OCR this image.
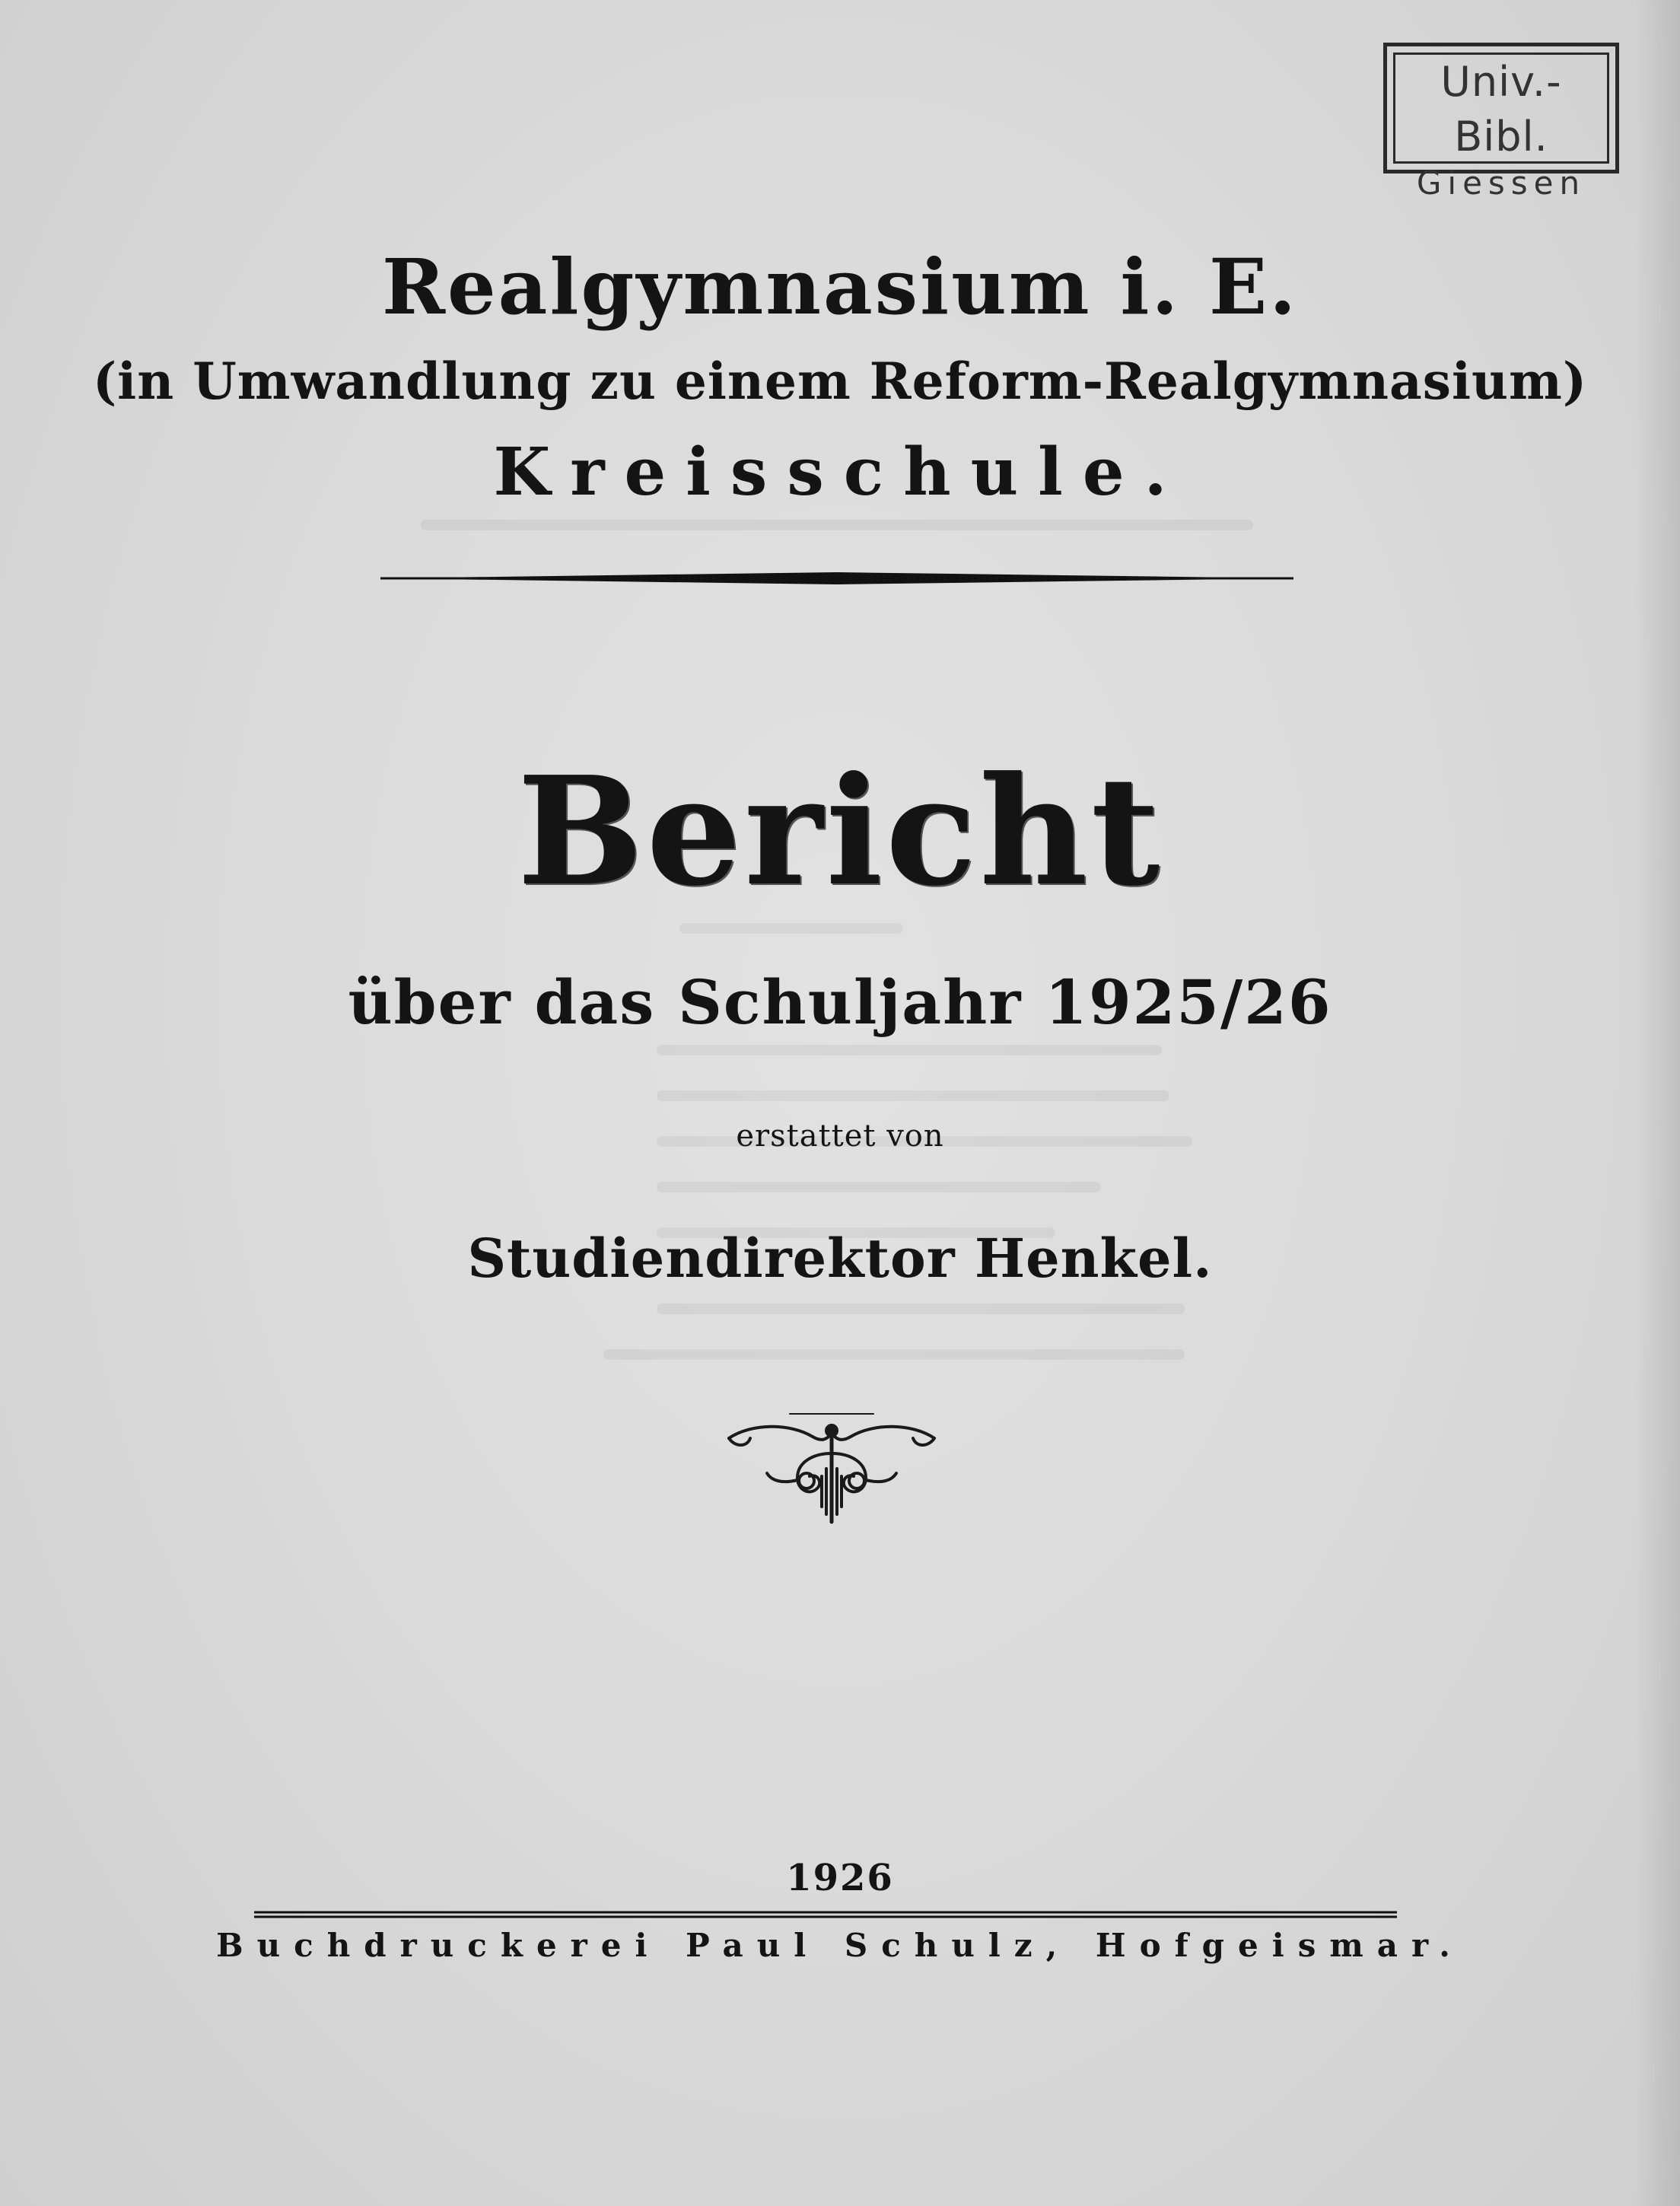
Univ.-Bibl.
Giessen
Realgymnasium i. E.
(in Umwandlung zu einem Reform-Realgymnasium)
Kreisschule.
Bericht
über das Schuljahr 1925/26
erstattet von
Studiendirektor Henkel.
1926
Buchdruckerei Paul Schulz, Hofgeismar.
